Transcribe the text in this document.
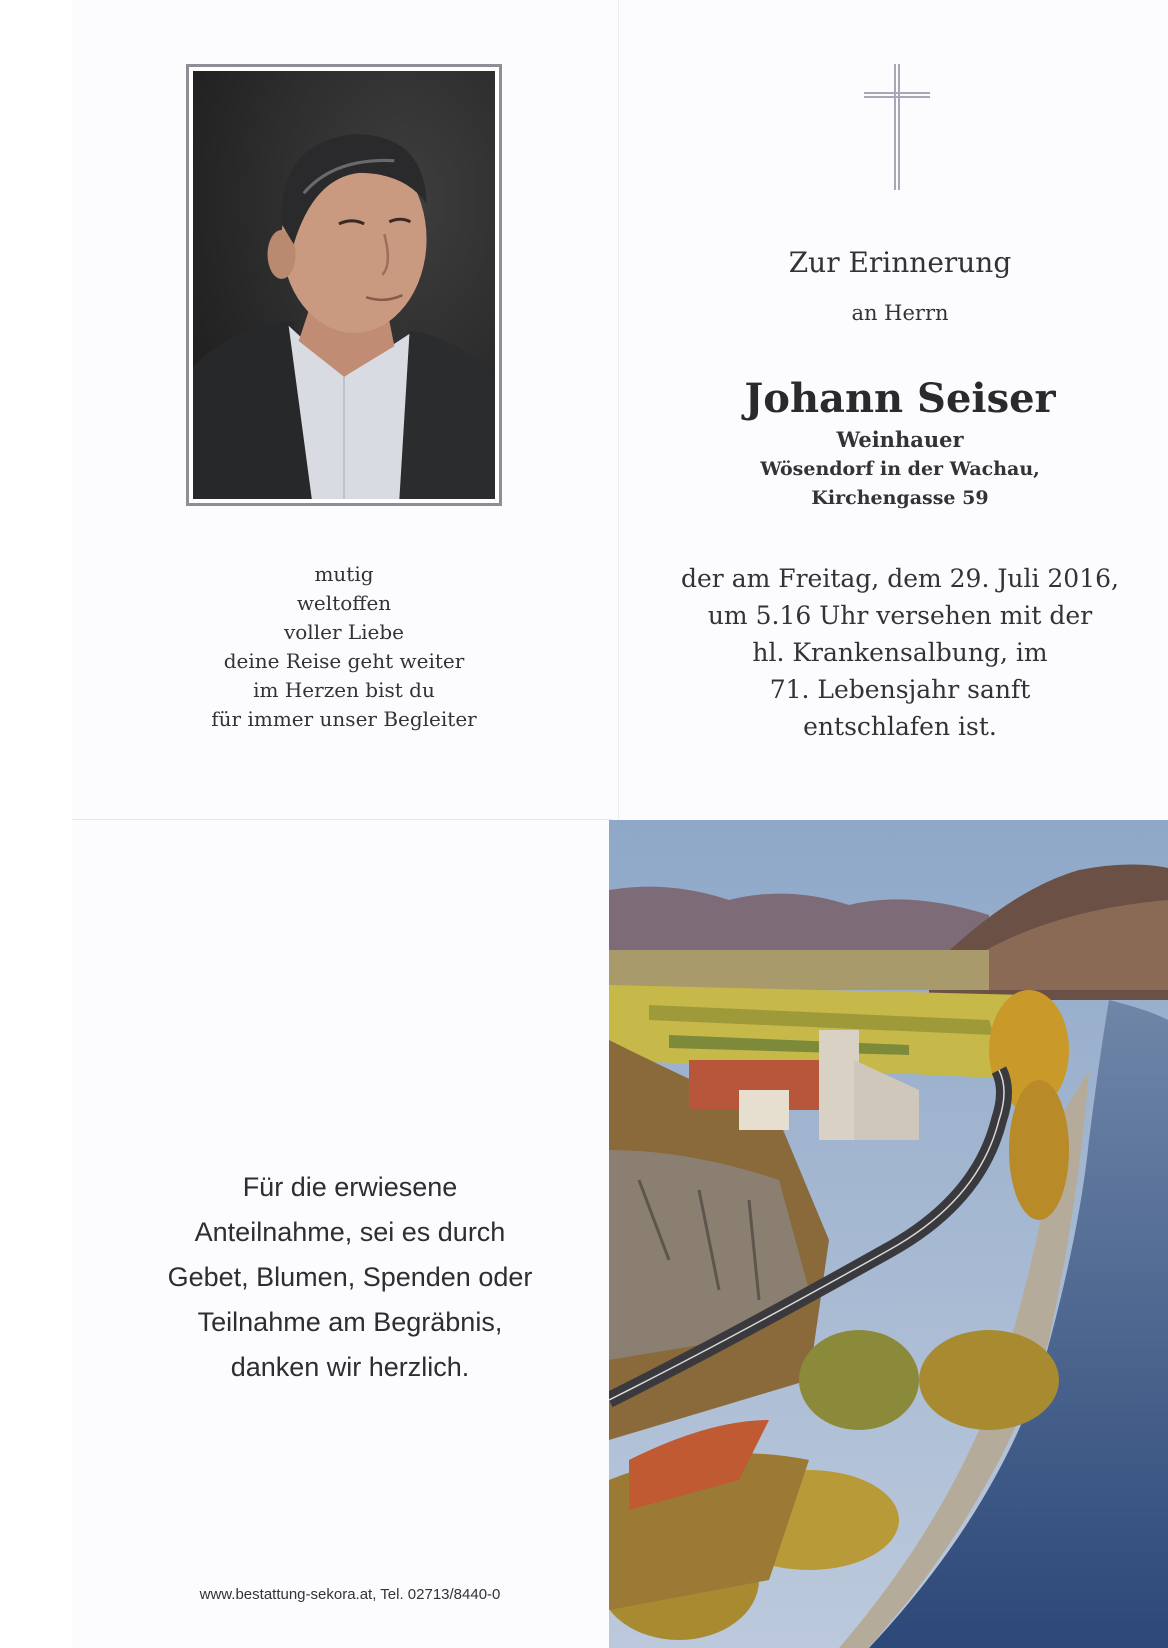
mutig
weltoffen
voller Liebe
deine Reise geht weiter
im Herzen bist du
für immer unser Begleiter
Zur Erinnerung
an Herrn
Johann Seiser
Weinhauer
Wösendorf in der Wachau,
Kirchengasse 59
der am Freitag, dem 29. Juli 2016,
um 5.16 Uhr versehen mit der
hl. Krankensalbung, im
71. Lebensjahr sanft
entschlafen ist.
Für die erwiesene
Anteilnahme, sei es durch
Gebet, Blumen, Spenden oder
Teilnahme am Begräbnis,
danken wir herzlich.
www.bestattung-sekora.at, Tel. 02713/8440-0
